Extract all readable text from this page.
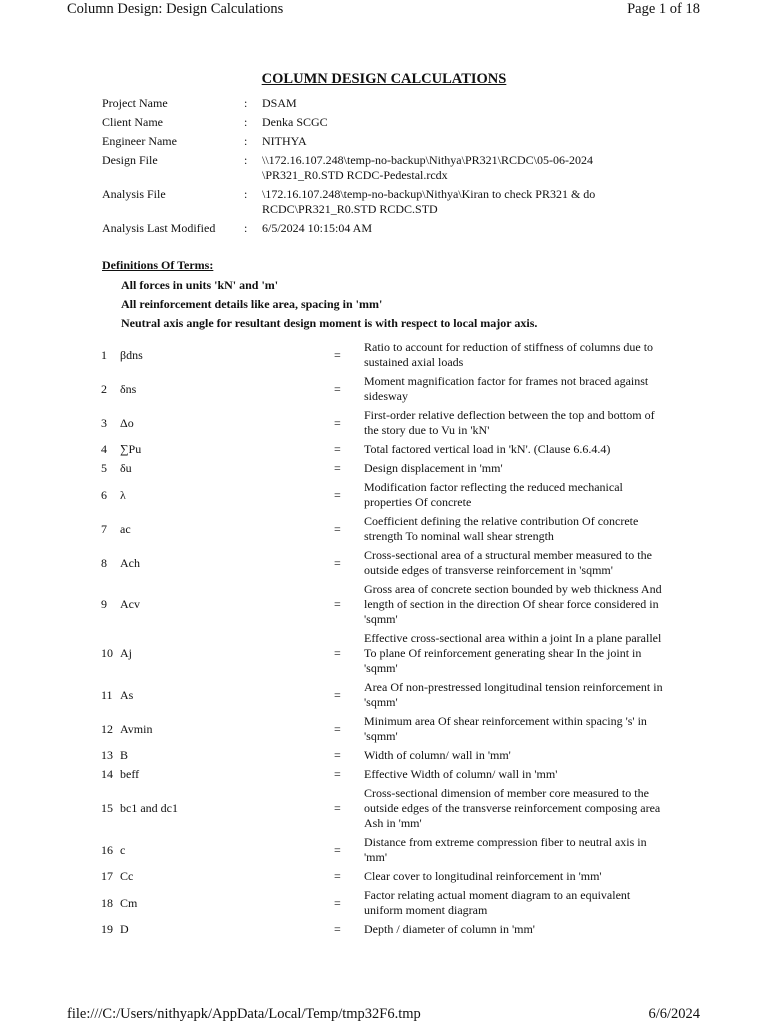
Column Design: Design Calculations	Page 1 of 18
COLUMN DESIGN CALCULATIONS
Project Name	:	DSAM
Client Name	:	Denka SCGC
Engineer Name	:	NITHYA
Design File	:	\\172.16.107.248\temp-no-backup\Nithya\PR321\RCDC\05-06-2024 \PR321_R0.STD RCDC-Pedestal.rcdx
Analysis File	:	\172.16.107.248\temp-no-backup\Nithya\Kiran to check PR321 & do RCDC\PR321_R0.STD RCDC.STD
Analysis Last Modified	:	6/5/2024 10:15:04 AM
Definitions Of Terms:
All forces in units 'kN' and 'm'
All reinforcement details like area, spacing in 'mm'
Neutral axis angle for resultant design moment is with respect to local major axis.
1	βdns	=
Ratio to account for reduction of stiffness of columns due to sustained axial loads
2	δns	=
Moment magnification factor for frames not braced against sidesway
3	Δo	=
First-order relative deflection between the top and bottom of the story due to Vu in 'kN'
4	∑Pu	=	Total factored vertical load in 'kN'. (Clause 6.6.4.4)
5	δu	=	Design displacement in 'mm'
6	λ	=
Modification factor reflecting the reduced mechanical properties Of concrete
7	ac	=
Coefficient defining the relative contribution Of concrete strength To nominal wall shear strength
8	Ach	=
Cross-sectional area of a structural member measured to the outside edges of transverse reinforcement in 'sqmm'
9	Acv	=
Gross area of concrete section bounded by web thickness And length of section in the direction Of shear force considered in 'sqmm'
10 Aj	=
Effective cross-sectional area within a joint In a plane parallel To plane Of reinforcement generating shear In the joint in 'sqmm'
11 As	=
Area Of non-prestressed longitudinal tension reinforcement in 'sqmm'
12 Avmin	=
Minimum area Of shear reinforcement within spacing 's' in 'sqmm'
13 B	=	Width of column/ wall in 'mm'
14 beff	=	Effective Width of column/ wall in 'mm'
15 bc1 and dc1	=
Cross-sectional dimension of member core measured to the outside edges of the transverse reinforcement composing area Ash in 'mm'
16 c	=
Distance from extreme compression fiber to neutral axis in 'mm'
17 Cc	=	Clear cover to longitudinal reinforcement in 'mm'
18 Cm	=
Factor relating actual moment diagram to an equivalent uniform moment diagram
19 D	=	Depth / diameter of column in 'mm'
file:///C:/Users/nithyapk/AppData/Local/Temp/tmp32F6.tmp	6/6/2024
